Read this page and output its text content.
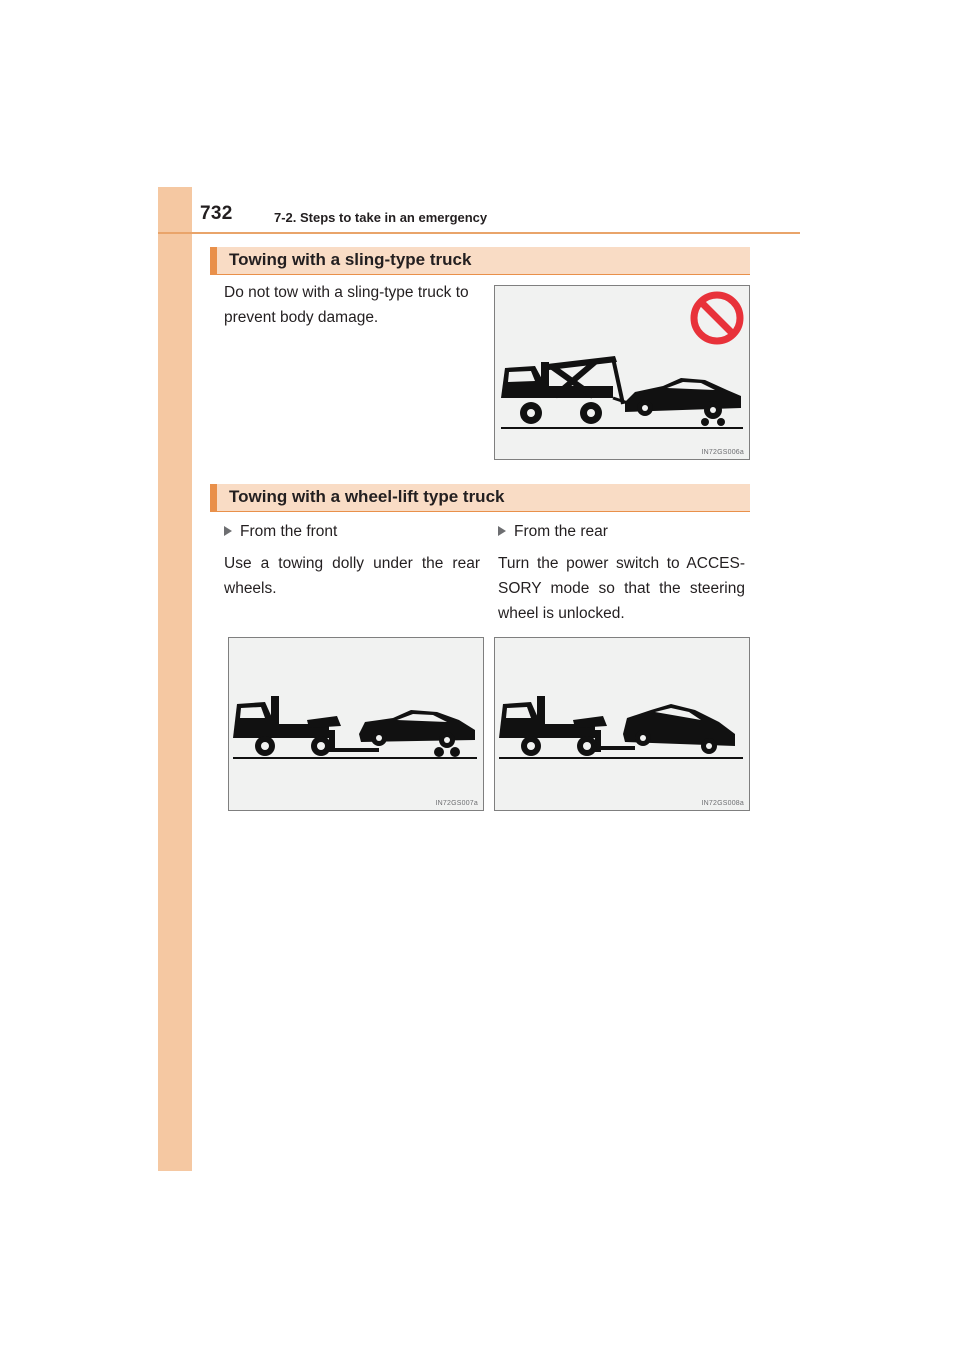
732	7-2. Steps to take in an emergency
Towing with a sling-type truck
Do not tow with a sling-type truck to
prevent body damage.
IN72GS006a
Towing with a wheel-lift type truck
From the front
Use a towing dolly under the rear wheels.
From the rear
Turn the power switch to ACCES-SORY mode so that the steering wheel is unlocked.
IN72GS007a	IN72GS008a
